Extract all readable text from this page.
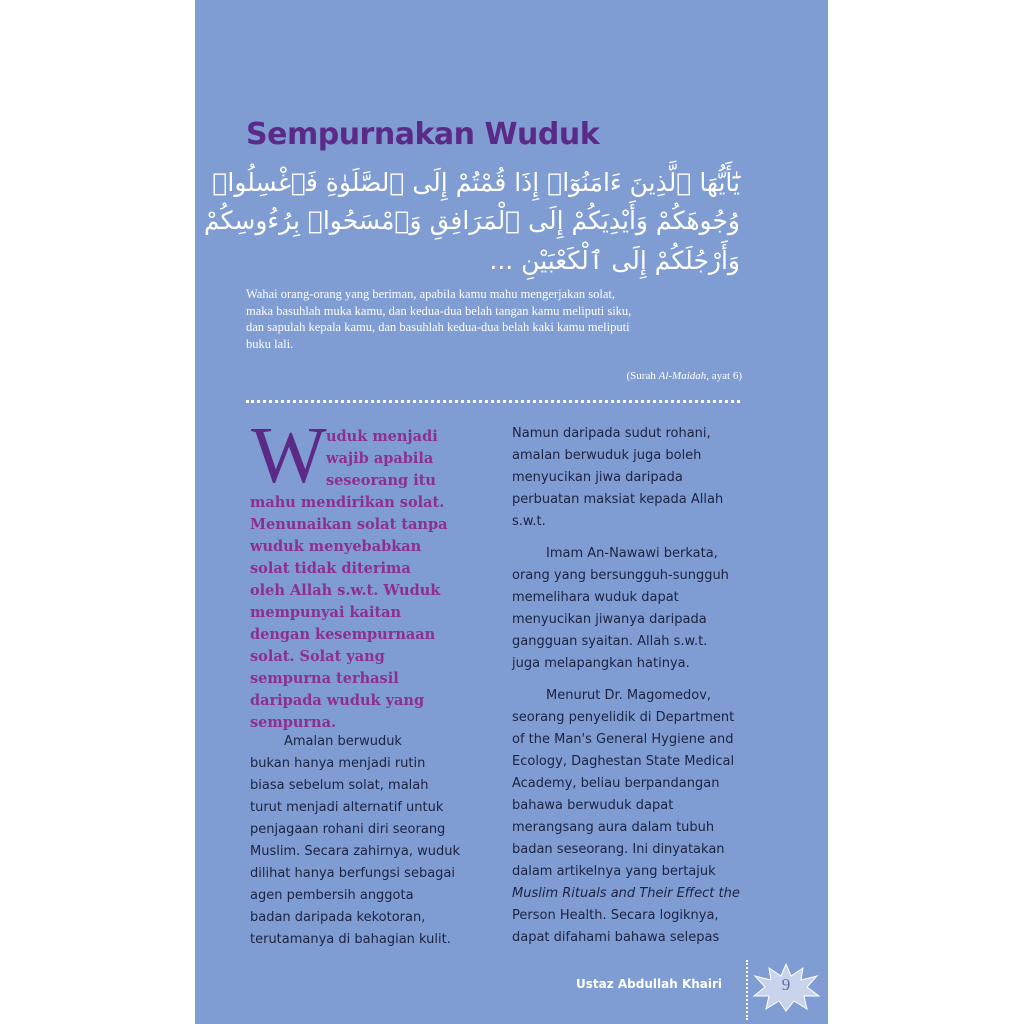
Sempurnakan Wuduk
يَٰٓأَيُّهَا ٱلَّذِينَ ءَامَنُوٓا۟ إِذَا قُمْتُمْ إِلَى ٱلصَّلَوٰةِ فَٱغْسِلُوا۟
وُجُوهَكُمْ وَأَيْدِيَكُمْ إِلَى ٱلْمَرَافِقِ وَٱمْسَحُوا۟ بِرُءُوسِكُمْ
وَأَرْجُلَكُمْ إِلَى ٱلْكَعْبَيْنِ ...
Wahai orang-orang yang beriman, apabila kamu mahu mengerjakan solat,
maka basuhlah muka kamu, dan kedua-dua belah tangan kamu meliputi siku,
dan sapulah kepala kamu, dan basuhlah kedua-dua belah kaki kamu meliputi
buku lali.
(Surah Al-Maidah, ayat 6)
W uduk menjadi
wajib apabila
seseorang itu
mahu mendirikan solat.
Menunaikan solat tanpa
wuduk menyebabkan
solat tidak diterima
oleh Allah s.w.t. Wuduk
mempunyai kaitan
dengan kesempurnaan
solat. Solat yang
sempurna terhasil
daripada wuduk yang
sempurna.
Amalan berwuduk
bukan hanya menjadi rutin
biasa sebelum solat, malah
turut menjadi alternatif untuk
penjagaan rohani diri seorang
Muslim. Secara zahirnya, wuduk
dilihat hanya berfungsi sebagai
agen pembersih anggota
badan daripada kekotoran,
terutamanya di bahagian kulit.
Namun daripada sudut rohani,
amalan berwuduk juga boleh
menyucikan jiwa daripada
perbuatan maksiat kepada Allah
s.w.t.
Imam An-Nawawi berkata,
orang yang bersungguh-sungguh
memelihara wuduk dapat
menyucikan jiwanya daripada
gangguan syaitan. Allah s.w.t.
juga melapangkan hatinya.
Menurut Dr. Magomedov,
seorang penyelidik di Department
of the Man's General Hygiene and
Ecology, Daghestan State Medical
Academy, beliau berpandangan
bahawa berwuduk dapat
merangsang aura dalam tubuh
badan seseorang. Ini dinyatakan
dalam artikelnya yang bertajuk
Muslim Rituals and Their Effect the
Person Health. Secara logiknya,
dapat difahami bahawa selepas
Ustaz Abdullah Khairi	9
